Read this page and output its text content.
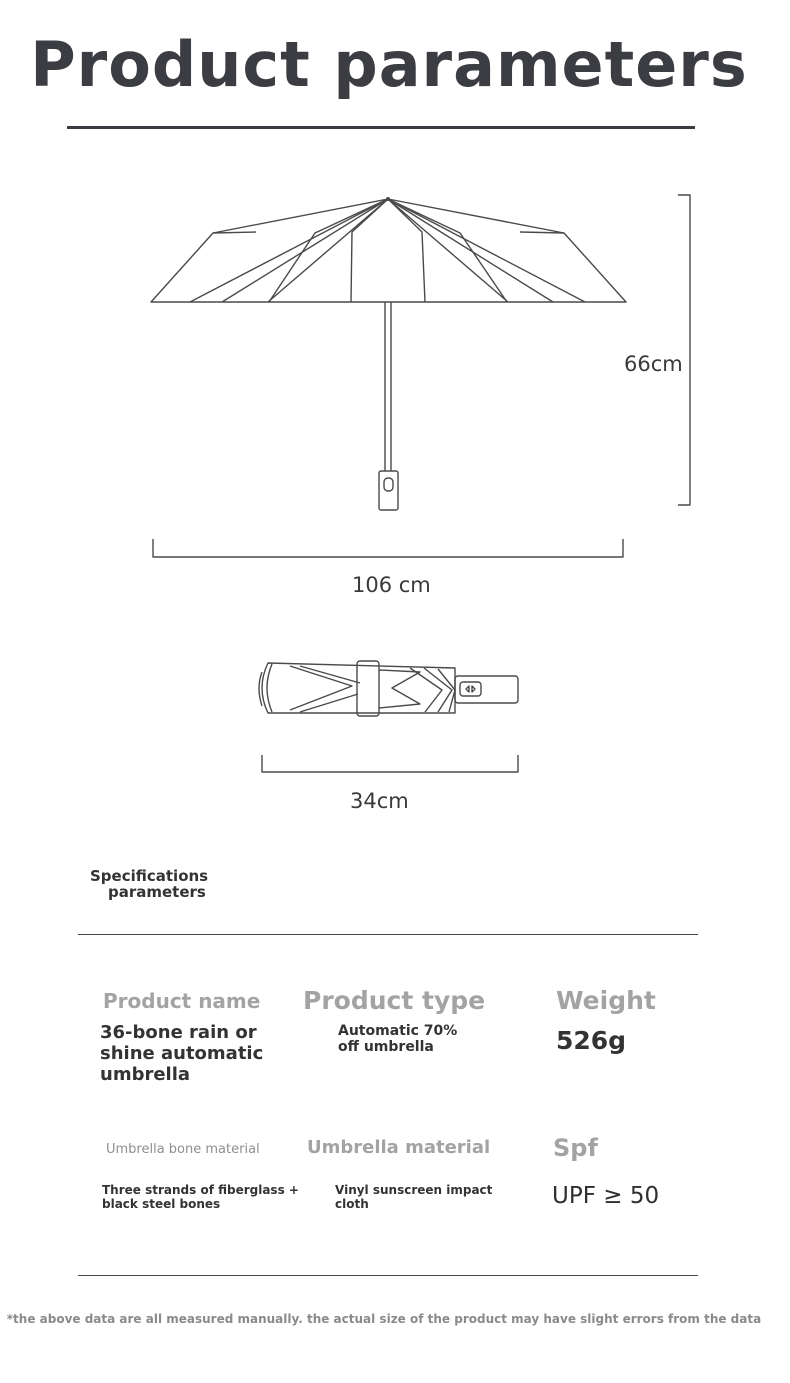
Product parameters
66cm
106 cm
34cm
Specifications
parameters
Product name
36-bone rain or
shine automatic
umbrella
Product type
Automatic 70%
off umbrella
Weight
526g
Umbrella bone material
Three strands of fiberglass +
black steel bones
Umbrella material
Vinyl sunscreen impact
cloth
Spf
UPF ≥ 50
*the above data are all measured manually. the actual size of the product may have slight errors from the data
